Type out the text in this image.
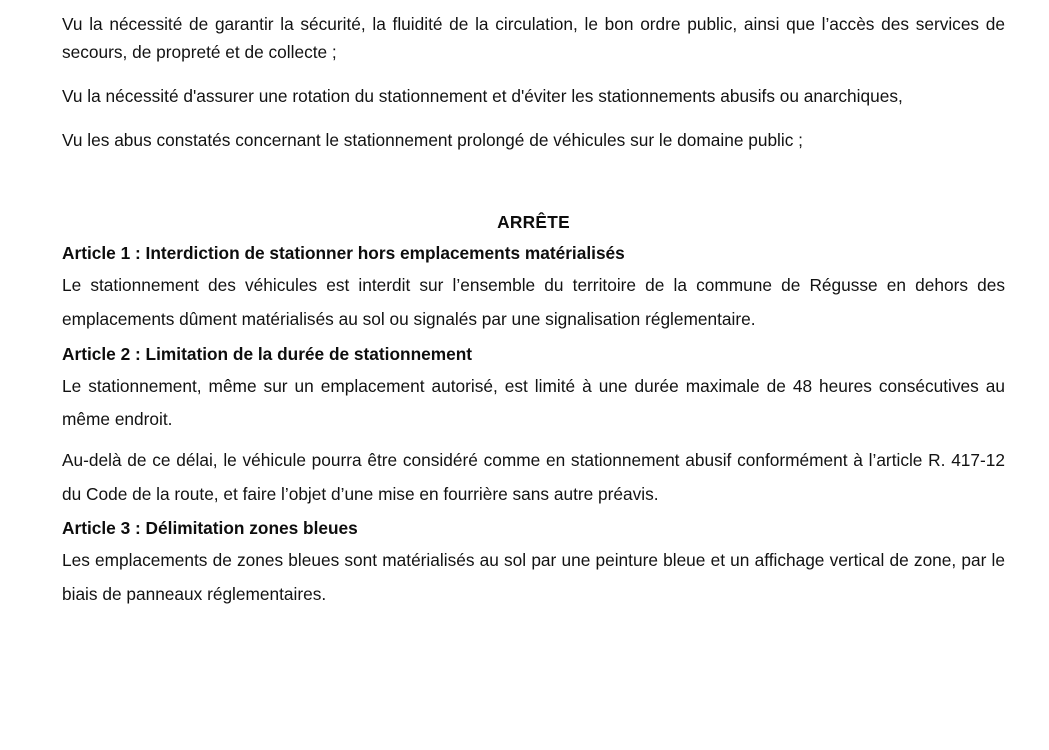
Vu la nécessité de garantir la sécurité, la fluidité de la circulation, le bon ordre public, ainsi que l’accès des services de secours, de propreté et de collecte ;

Vu la nécessité d'assurer une rotation du stationnement et d'éviter les stationnements abusifs ou anarchiques,

Vu les abus constatés concernant le stationnement prolongé de véhicules sur le domaine public ;

ARRÊTE

Article 1 : Interdiction de stationner hors emplacements matérialisés

Le stationnement des véhicules est interdit sur l’ensemble du territoire de la commune de Régusse en dehors des emplacements dûment matérialisés au sol ou signalés par une signalisation réglementaire.

Article 2 : Limitation de la durée de stationnement

Le stationnement, même sur un emplacement autorisé, est limité à une durée maximale de 48 heures consécutives au même endroit.

Au-delà de ce délai, le véhicule pourra être considéré comme en stationnement abusif conformément à l’article R. 417-12 du Code de la route, et faire l’objet d’une mise en fourrière sans autre préavis.

Article 3 : Délimitation zones bleues

Les emplacements de zones bleues sont matérialisés au sol par une peinture bleue et un affichage vertical de zone, par le biais de panneaux réglementaires.
